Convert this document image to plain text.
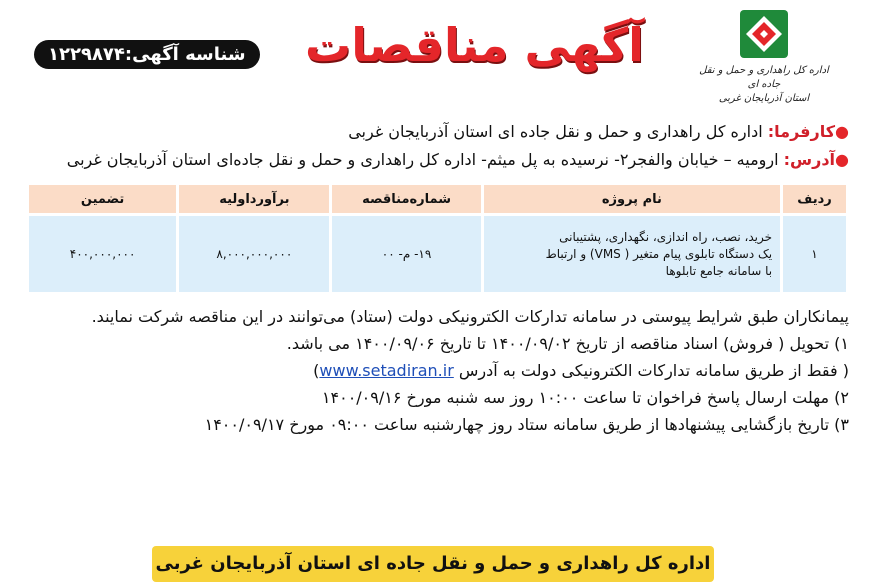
اداره کل راهداری و حمل و نقل جاده ای
استان آذربایجان غربی
آگهی مناقصات
شناسه آگهی:۱۲۲۹۸۷۴
●کارفرما: اداره کل راهداری و حمل و نقل جاده ای استان آذربایجان غربی
●آدرس: ارومیه – خیابان والفجر۲- نرسیده به پل میثم- اداره کل راهداری و حمل و نقل جاده‌ای استان آذربایجان غربی
ردیف	نام پروژه	شماره‌مناقصه	برآورداولیه	تضمین
۱	خرید، نصب، راه اندازی، نگهداری، پشتیبانی
یک دستگاه تابلوی پیام متغیر ( VMS) و ارتباط
با سامانه جامع تابلوها	۱۹- م- ۰۰	۸,۰۰۰,۰۰۰,۰۰۰	۴۰۰,۰۰۰,۰۰۰
پیمانکاران طبق شرایط پیوستی در سامانه تدارکات الکترونیکی دولت (ستاد) می‌توانند در این مناقصه شرکت نمایند.
۱) تحویل ( فروش) اسناد مناقصه از تاریخ ۱۴۰۰/۰۹/۰۲ تا تاریخ ۱۴۰۰/۰۹/۰۶ می باشد.
( فقط از طریق سامانه تدارکات الکترونیکی دولت به آدرس www.setadiran.ir)
۲) مهلت ارسال پاسخ فراخوان تا ساعت ۱۰:۰۰ روز سه شنبه مورخ ۱۴۰۰/۰۹/۱۶
۳) تاریخ بازگشایی پیشنهادها از طریق سامانه ستاد روز چهارشنبه ساعت ۰۹:۰۰ مورخ ۱۴۰۰/۰۹/۱۷
اداره کل راهداری و حمل و نقل جاده ای استان آذربایجان غربی
